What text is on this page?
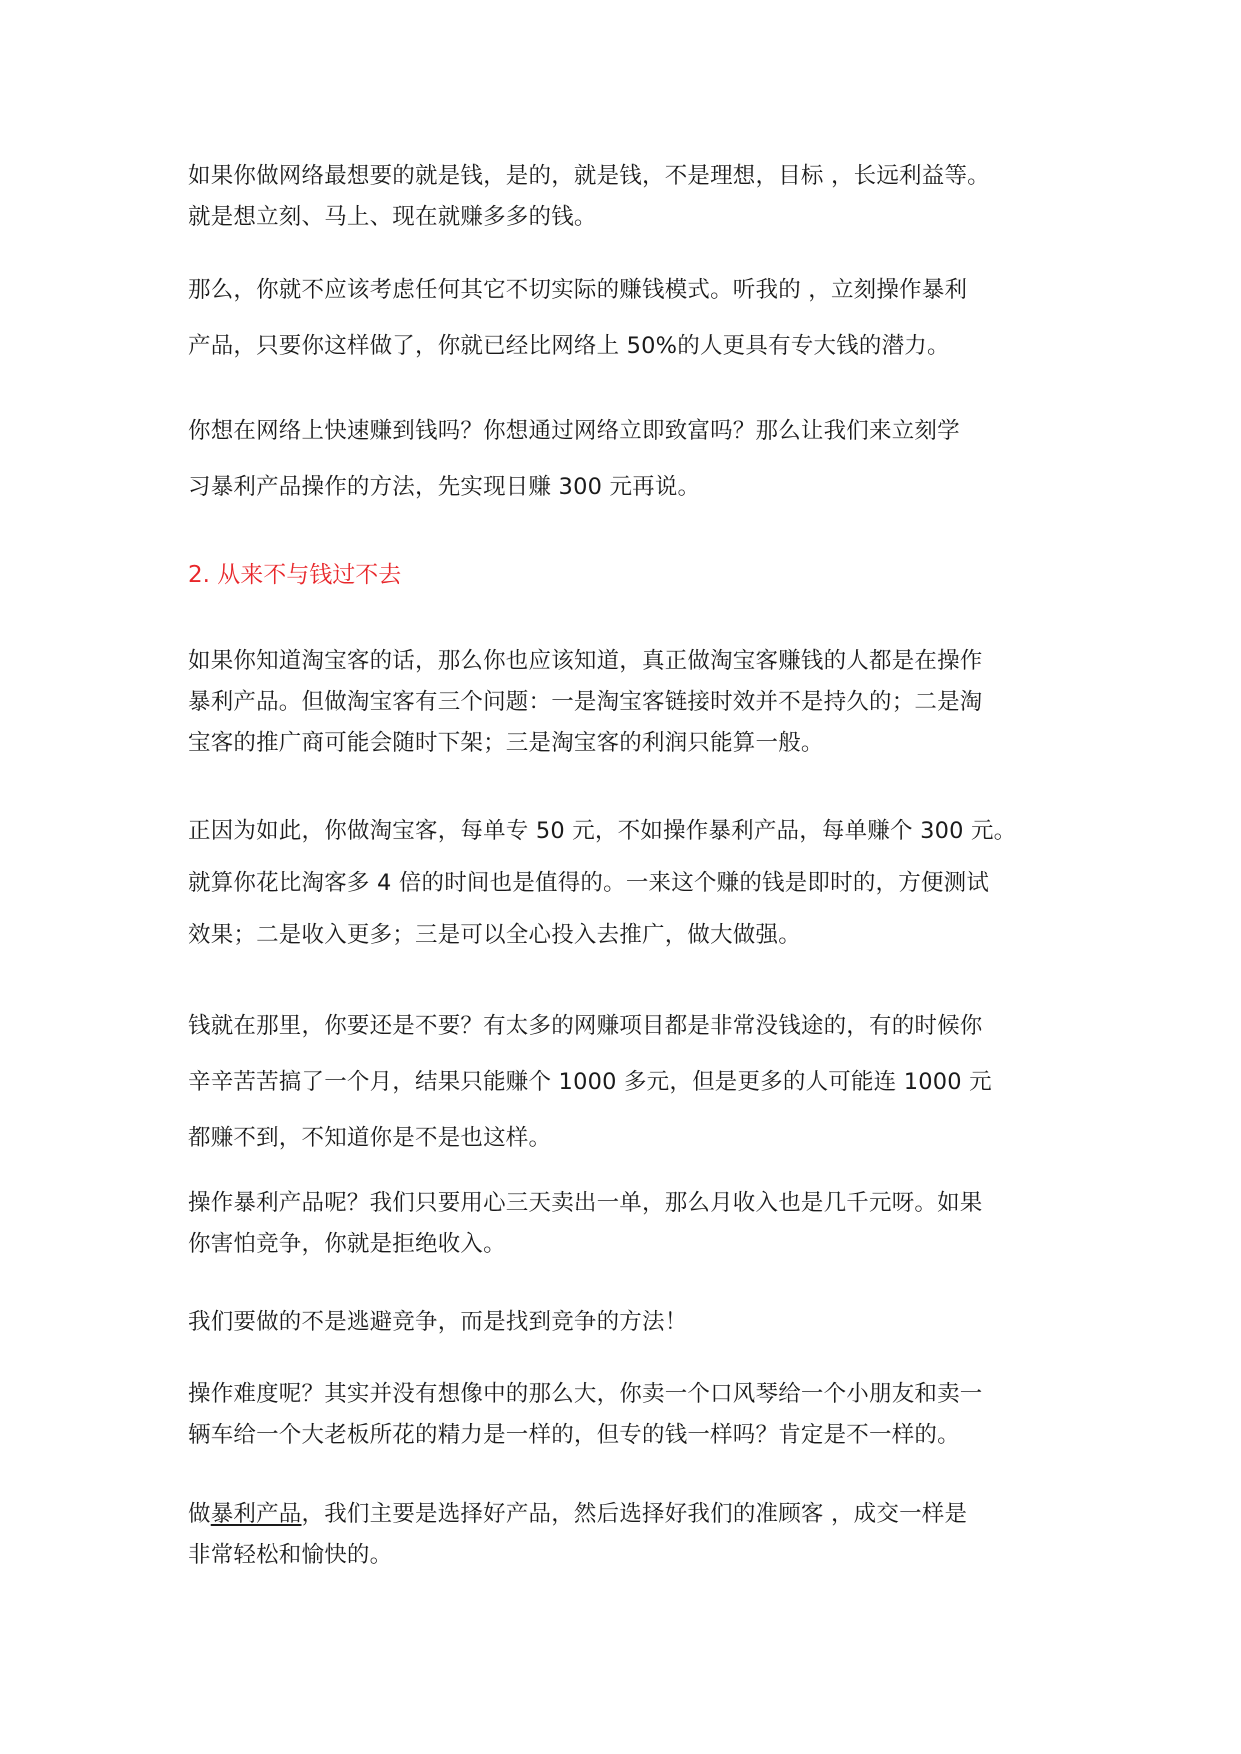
如果你做网络最想要的就是钱，是的，就是钱，不是理想，目标 ，长远利益等。
就是想立刻、马上、现在就赚多多的钱。

那么，你就不应该考虑任何其它不切实际的赚钱模式。听我的 ，立刻操作暴利
产品，只要你这样做了，你就已经比网络上 50%的人更具有专大钱的潜力。

你想在网络上快速赚到钱吗？你想通过网络立即致富吗？那么让我们来立刻学
习暴利产品操作的方法，先实现日赚 300 元再说。

2. 从来不与钱过不去

如果你知道淘宝客的话，那么你也应该知道，真正做淘宝客赚钱的人都是在操作
暴利产品。但做淘宝客有三个问题：一是淘宝客链接时效并不是持久的；二是淘
宝客的推广商可能会随时下架；三是淘宝客的利润只能算一般。

正因为如此，你做淘宝客，每单专 50 元，不如操作暴利产品，每单赚个 300 元。
就算你花比淘客多 4 倍的时间也是值得的。一来这个赚的钱是即时的，方便测试
效果；二是收入更多；三是可以全心投入去推广，做大做强。

钱就在那里，你要还是不要？有太多的网赚项目都是非常没钱途的，有的时候你
辛辛苦苦搞了一个月，结果只能赚个 1000 多元，但是更多的人可能连 1000 元
都赚不到，不知道你是不是也这样。

操作暴利产品呢？我们只要用心三天卖出一单，那么月收入也是几千元呀。如果
你害怕竞争，你就是拒绝收入。

我们要做的不是逃避竞争，而是找到竞争的方法！

操作难度呢？其实并没有想像中的那么大，你卖一个口风琴给一个小朋友和卖一
辆车给一个大老板所花的精力是一样的，但专的钱一样吗？肯定是不一样的。

做暴利产品，我们主要是选择好产品，然后选择好我们的准顾客 ，成交一样是
非常轻松和愉快的。
